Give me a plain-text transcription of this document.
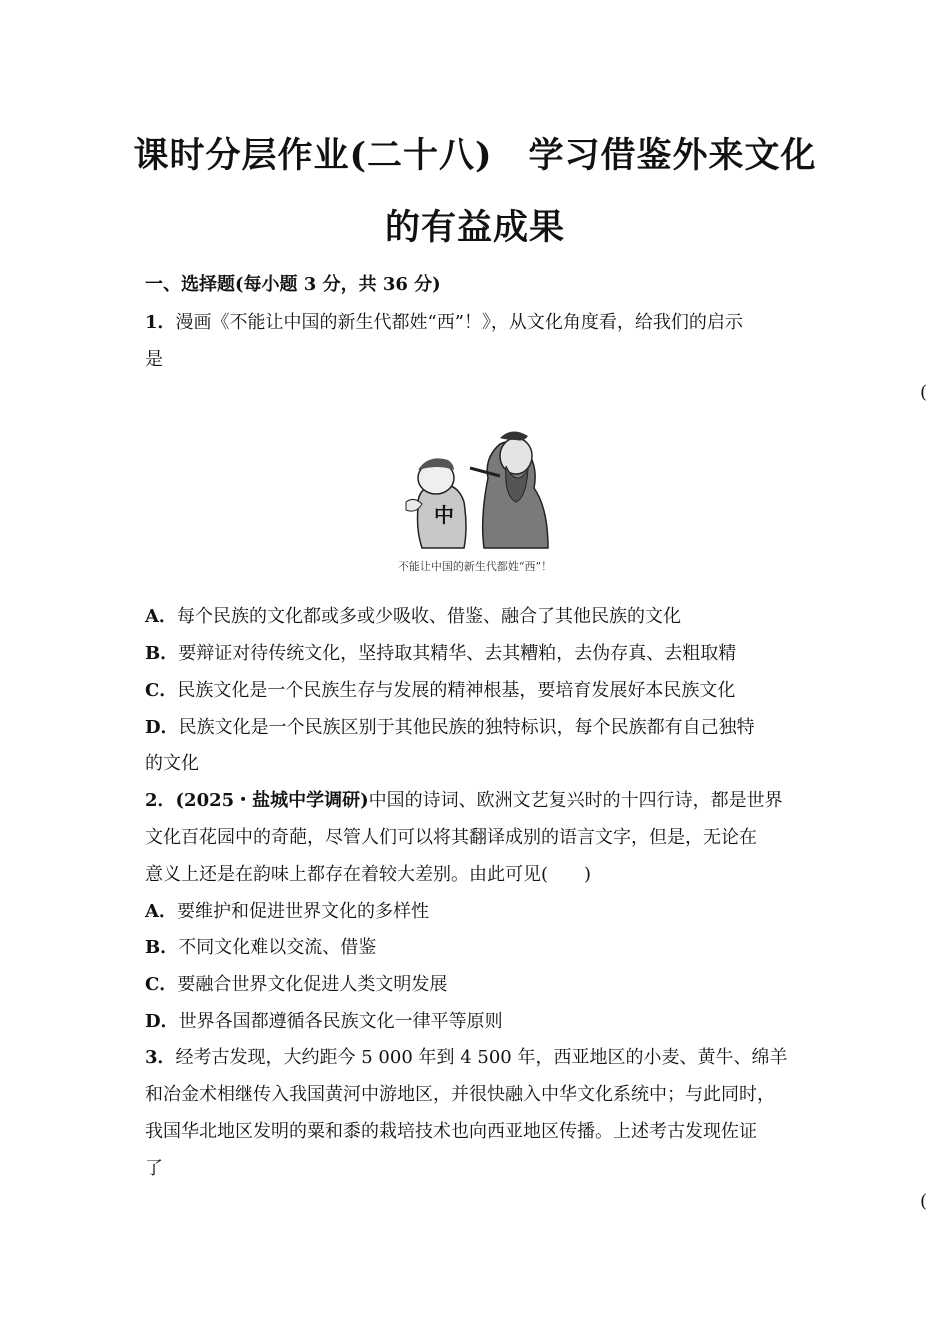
课时分层作业(二十八)　学习借鉴外来文化
的有益成果
一、选择题(每小题 3 分，共 36 分)
1．漫画《不能让中国的新生代都姓“西”！》，从文化角度看，给我们的启示
是
(
中
不能让中国的新生代都姓“西”！
A．每个民族的文化都或多或少吸收、借鉴、融合了其他民族的文化
B．要辩证对待传统文化，坚持取其精华、去其糟粕，去伪存真、去粗取精
C．民族文化是一个民族生存与发展的精神根基，要培育发展好本民族文化
D．民族文化是一个民族区别于其他民族的独特标识，每个民族都有自己独特
的文化
2．(2025・盐城中学调研)中国的诗词、欧洲文艺复兴时的十四行诗，都是世界
文化百花园中的奇葩，尽管人们可以将其翻译成别的语言文字，但是，无论在
意义上还是在韵味上都存在着较大差别。由此可见(　　)
A．要维护和促进世界文化的多样性
B．不同文化难以交流、借鉴
C．要融合世界文化促进人类文明发展
D．世界各国都遵循各民族文化一律平等原则
3．经考古发现，大约距今 5 000 年到 4 500 年，西亚地区的小麦、黄牛、绵羊
和冶金术相继传入我国黄河中游地区，并很快融入中华文化系统中；与此同时，
我国华北地区发明的粟和黍的栽培技术也向西亚地区传播。上述考古发现佐证
了
(
